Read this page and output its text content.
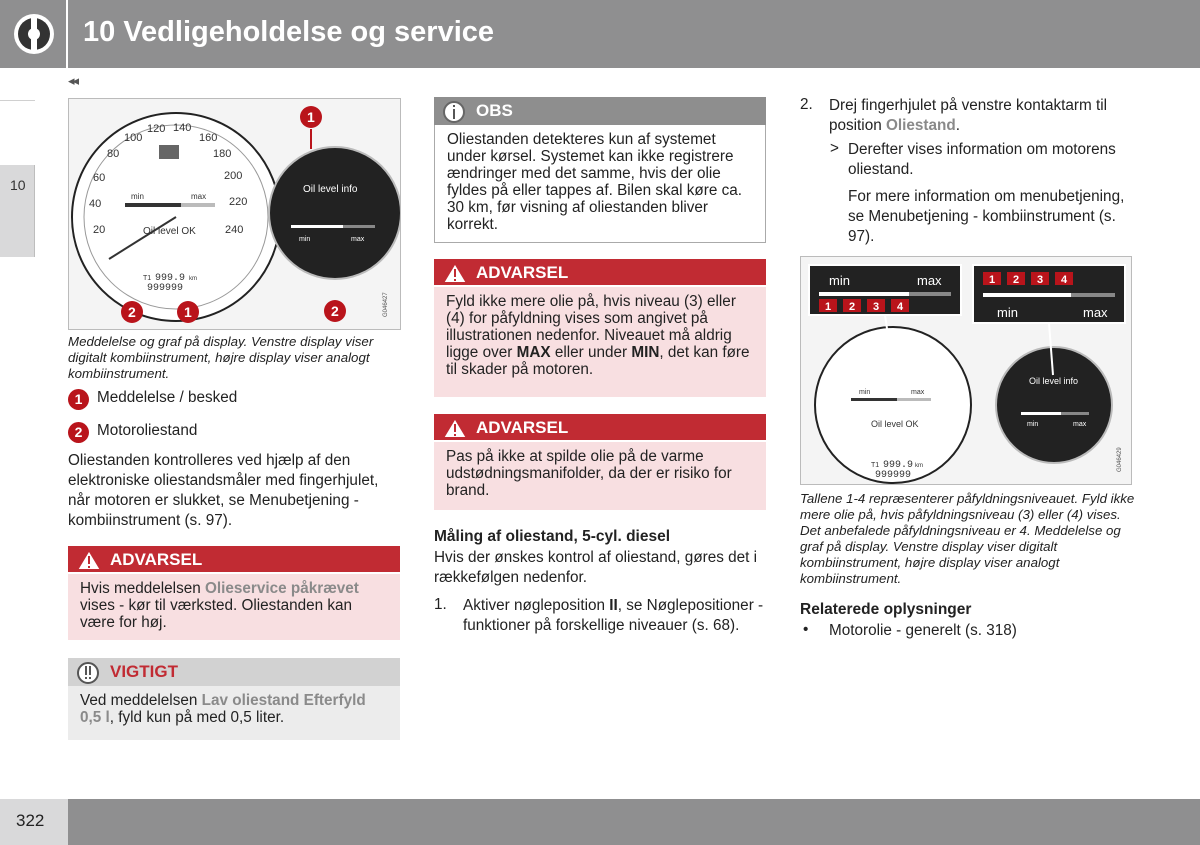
10 Vedligeholdelse og service
◂◂
10
20
40
60
80
100
120 140
160
180
200
220
240
min	max
Oil level OK
T1 999.9 km
999999
Oil level info
min	max
1
2	1	2	G046427
Meddelelse og graf på display. Venstre display viser digitalt kombiinstrument, højre display viser analogt kombiinstrument.
1 Meddelelse / besked
2 Motoroliestand
Oliestanden kontrolleres ved hjælp af den elektroniske oliestandsmåler med fingerhjulet, når motoren er slukket, se Menubetjening - kombiinstrument (s. 97).
ADVARSEL
Hvis meddelelsen Olieservice påkrævet vises - kør til værksted. Oliestanden kan være for høj.
VIGTIGT
Ved meddelelsen Lav oliestand Efterfyld 0,5 l, fyld kun på med 0,5 liter.
OBS
Oliestanden detekteres kun af systemet under kørsel. Systemet kan ikke registrere ændringer med det samme, hvis der olie fyldes på eller tappes af. Bilen skal køre ca. 30 km, før visning af oliestanden bliver korrekt.
ADVARSEL
Fyld ikke mere olie på, hvis niveau (3) eller (4) for påfyldning vises som angivet på illustrationen nedenfor. Niveauet må aldrig ligge over MAX eller under MIN, det kan føre til skader på motoren.
ADVARSEL
Pas på ikke at spilde olie på de varme udstødningsmanifolder, da der er risiko for brand.
Måling af oliestand, 5-cyl. diesel
Hvis der ønskes kontrol af oliestand, gøres det i rækkefølgen nedenfor.
1. Aktiver nøgleposition II, se Nøglepositioner - funktioner på forskellige niveauer (s. 68).
2. Drej fingerhjulet på venstre kontaktarm til position Oliestand.
> Derefter vises information om motorens oliestand.
For mere information om menubetjening, se Menubetjening - kombiinstrument (s. 97).
Oil level OK
min	max
T1 999.9 km
999999
Oil level info
min	max
min	max
1 2 3 4
1 2 3 4
min	max
G046429
Tallene 1-4 repræsenterer påfyldningsniveauet. Fyld ikke mere olie på, hvis påfyldningsniveau (3) eller (4) vises. Det anbefalede påfyldningsniveau er 4. Meddelelse og graf på display. Venstre display viser digitalt kombiinstrument, højre display viser analogt kombiinstrument.
Relaterede oplysninger
• Motorolie - generelt (s. 318)
322
